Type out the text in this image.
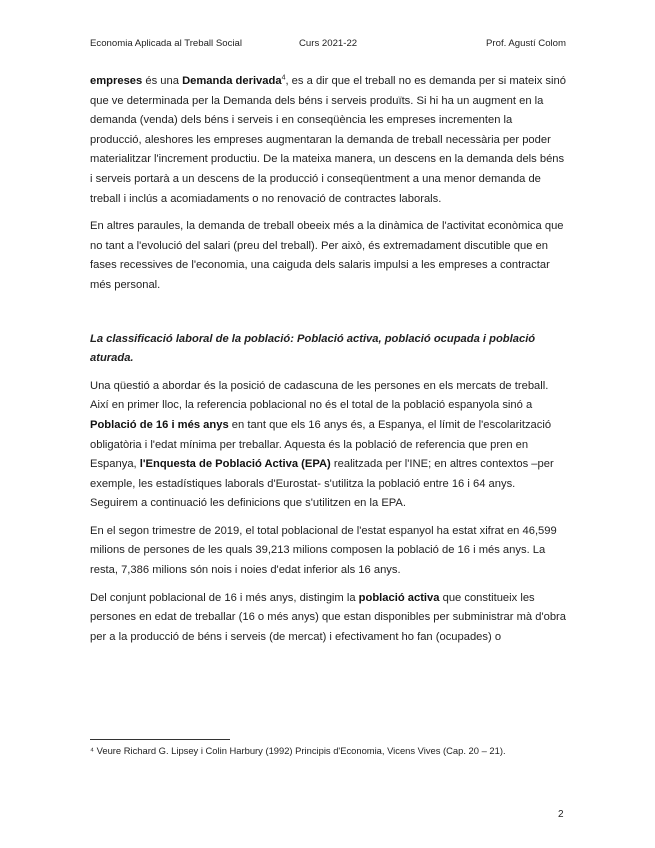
Economia Aplicada al Treball Social	Curs 2021-22	Prof. Agustí Colom

empreses és una Demanda derivada$^4$, es a dir que el treball no es demanda per si mateix sinó que ve determinada per la Demanda dels béns i serveis produïts. Si hi ha un augment en la demanda (venda) dels béns i serveis i en conseqüència les empreses incrementen la producció, aleshores les empreses augmentaran la demanda de treball necessària per poder materialitzar l'increment productiu. De la mateixa manera, un descens en la demanda dels béns i serveis portarà a un descens de la producció i conseqüentment a una menor demanda de treball i inclús a acomiadaments o no renovació de contractes laborals.

En altres paraules, la demanda de treball obeeix més a la dinàmica de l'activitat econòmica que no tant a l'evolució del salari (preu del treball). Per això, és extremadament discutible que en fases recessives de l'economia, una caiguda dels salaris impulsi a les empreses a contractar més personal.

La classificació laboral de la població: Població activa, població ocupada i població aturada.

Una qüestió a abordar és la posició de cadascuna de les persones en els mercats de treball. Així en primer lloc, la referencia poblacional no és el total de la població espanyola sinó a Població de 16 i més anys en tant que els 16 anys és, a Espanya, el límit de l'escolarització obligatòria i l'edat mínima per treballar. Aquesta és la població de referencia que pren en Espanya, l'Enquesta de Població Activa (EPA) realitzada per l'INE; en altres contextos –per exemple, les estadístiques laborals d'Eurostat- s'utilitza la població entre 16 i 64 anys. Seguirem a continuació les definicions que s'utilitzen en la EPA.

En el segon trimestre de 2019, el total poblacional de l'estat espanyol ha estat xifrat en 46,599 milions de persones de les quals 39,213 milions composen la població de 16 i més anys. La resta, 7,386 milions són nois i noies d'edat inferior als 16 anys.

Del conjunt poblacional de 16 i més anys, distingim la població activa que constitueix les persones en edat de treballar (16 o més anys) que estan disponibles per subministrar mà d'obra per a la producció de béns i serveis (de mercat) i efectivament ho fan (ocupades) o

⁴ Veure Richard G. Lipsey i Colin Harbury (1992) Principis d'Economia, Vicens Vives (Cap. 20 – 21).
2
